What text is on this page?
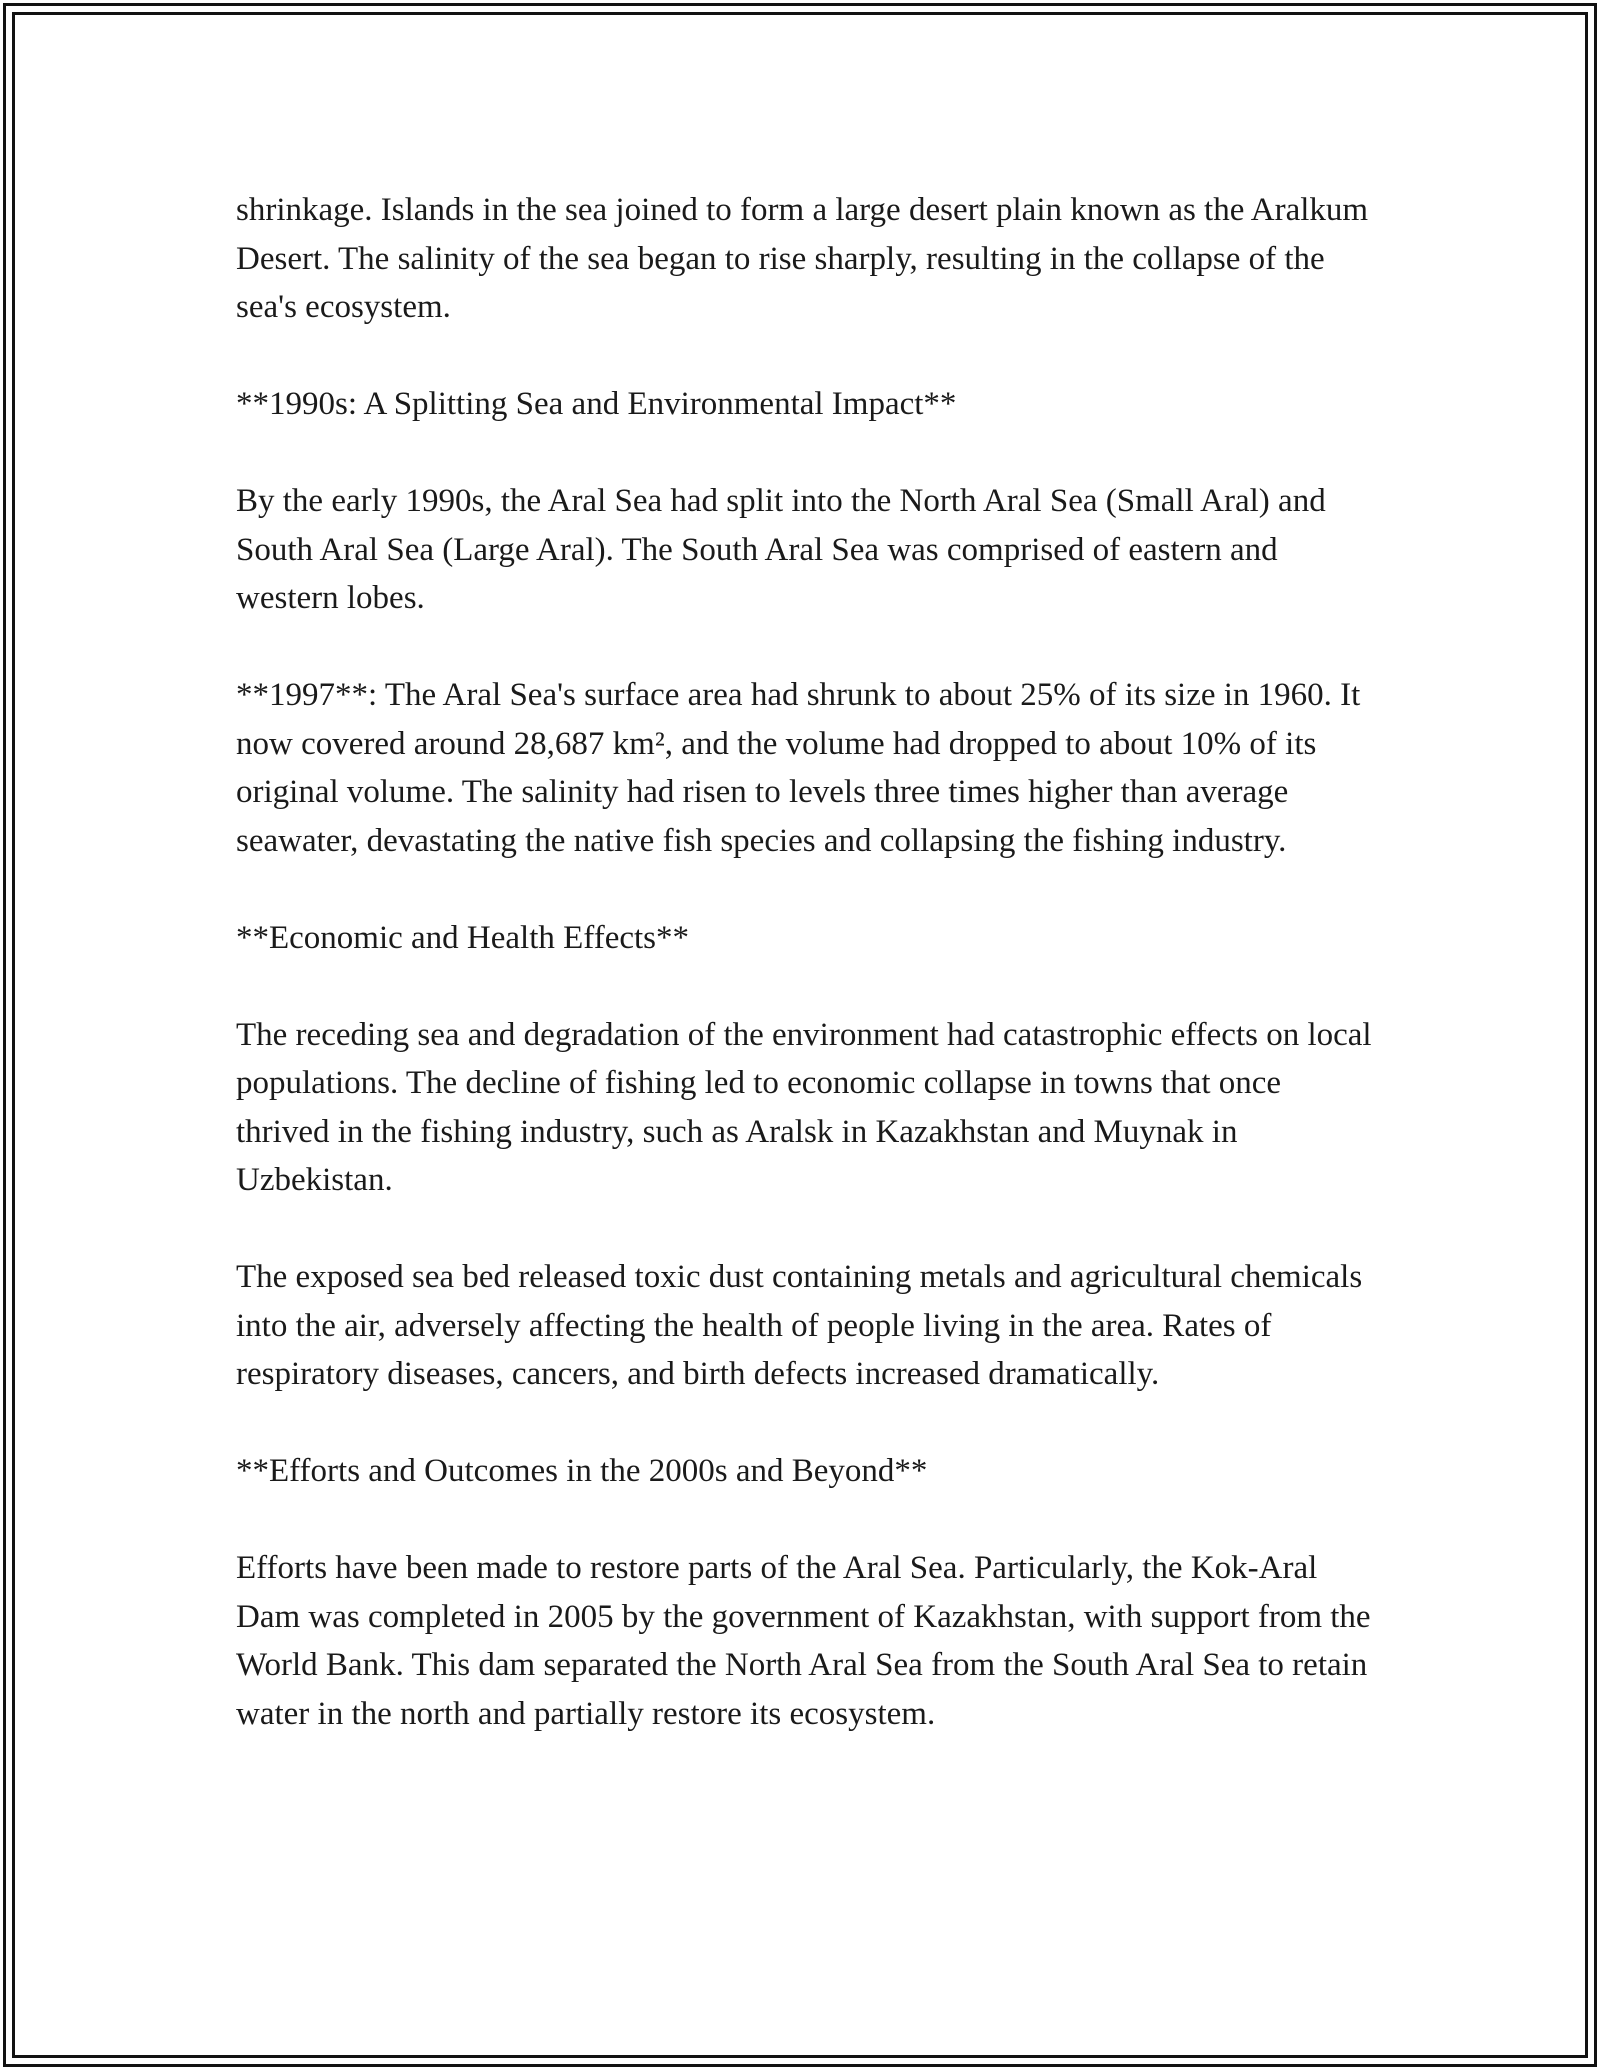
shrinkage. Islands in the sea joined to form a large desert plain known as the Aralkum Desert. The salinity of the sea began to rise sharply, resulting in the collapse of the sea's ecosystem.

**1990s: A Splitting Sea and Environmental Impact**

By the early 1990s, the Aral Sea had split into the North Aral Sea (Small Aral) and South Aral Sea (Large Aral). The South Aral Sea was comprised of eastern and western lobes.

**1997**: The Aral Sea's surface area had shrunk to about 25% of its size in 1960. It now covered around 28,687 km², and the volume had dropped to about 10% of its original volume. The salinity had risen to levels three times higher than average seawater, devastating the native fish species and collapsing the fishing industry.

**Economic and Health Effects**

The receding sea and degradation of the environment had catastrophic effects on local populations. The decline of fishing led to economic collapse in towns that once thrived in the fishing industry, such as Aralsk in Kazakhstan and Muynak in Uzbekistan.

The exposed sea bed released toxic dust containing metals and agricultural chemicals into the air, adversely affecting the health of people living in the area. Rates of respiratory diseases, cancers, and birth defects increased dramatically.

**Efforts and Outcomes in the 2000s and Beyond**

Efforts have been made to restore parts of the Aral Sea. Particularly, the Kok-Aral Dam was completed in 2005 by the government of Kazakhstan, with support from the World Bank. This dam separated the North Aral Sea from the South Aral Sea to retain water in the north and partially restore its ecosystem.
